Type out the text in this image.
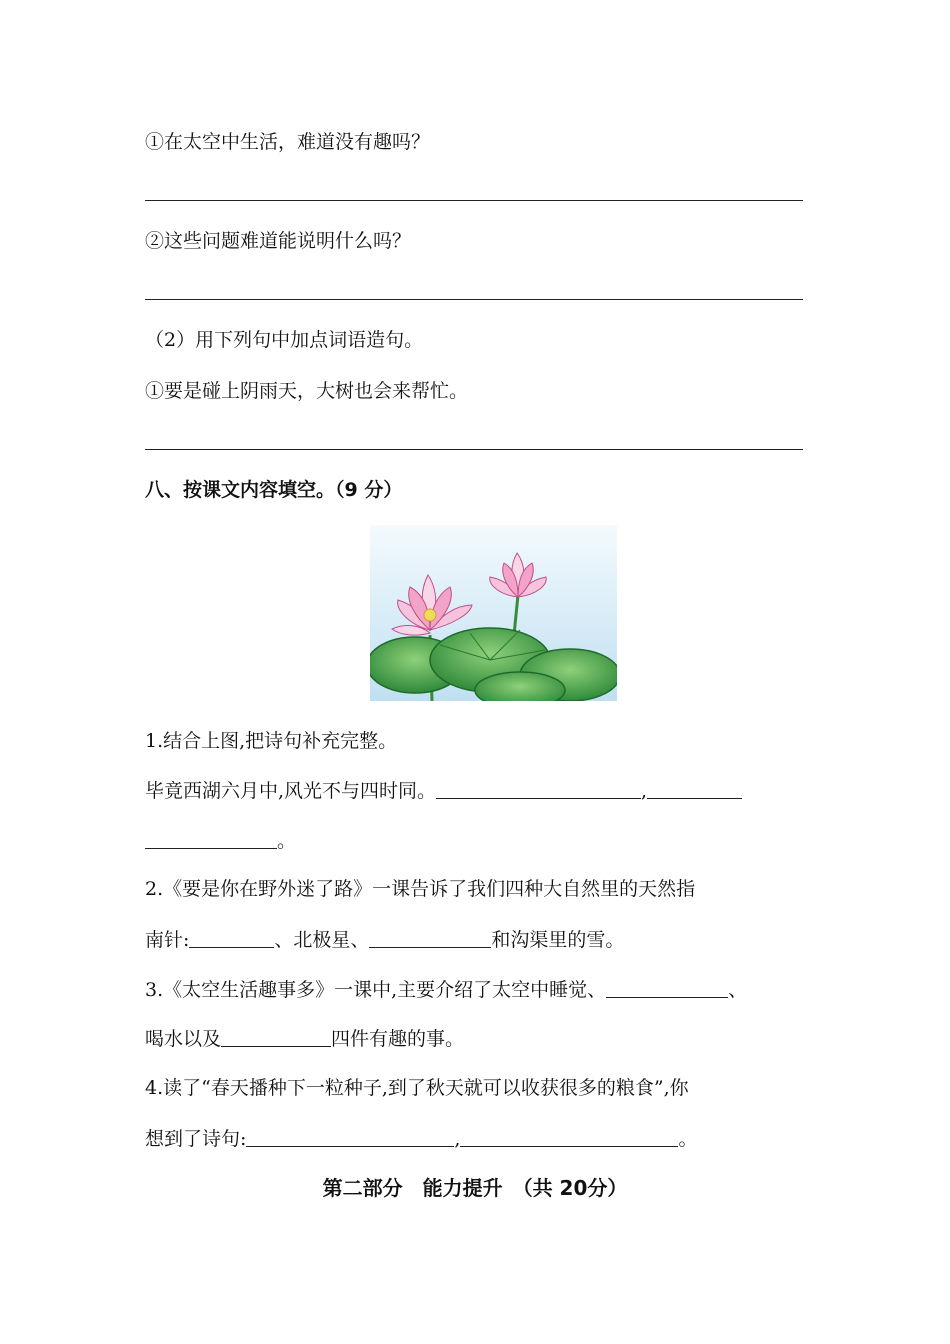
①在太空中生活，难道没有趣吗？
②这些问题难道能说明什么吗？
（2）用下列句中加点词语造句。
①要是碰上阴雨天，大树也会来帮忙。
八、按课文内容填空。（9 分）
1.结合上图,把诗句补充完整。
毕竟西湖六月中,风光不与四时同。	,
。
2.《要是你在野外迷了路》一课告诉了我们四种大自然里的天然指
南针:	、北极星、	和沟渠里的雪。
3.《太空生活趣事多》一课中,主要介绍了太空中睡觉、	、
喝水以及	四件有趣的事。
4.读了“春天播种下一粒种子,到了秋天就可以收获很多的粮食”,你
想到了诗句:	,	。
第二部分　能力提升　（共 20分）
